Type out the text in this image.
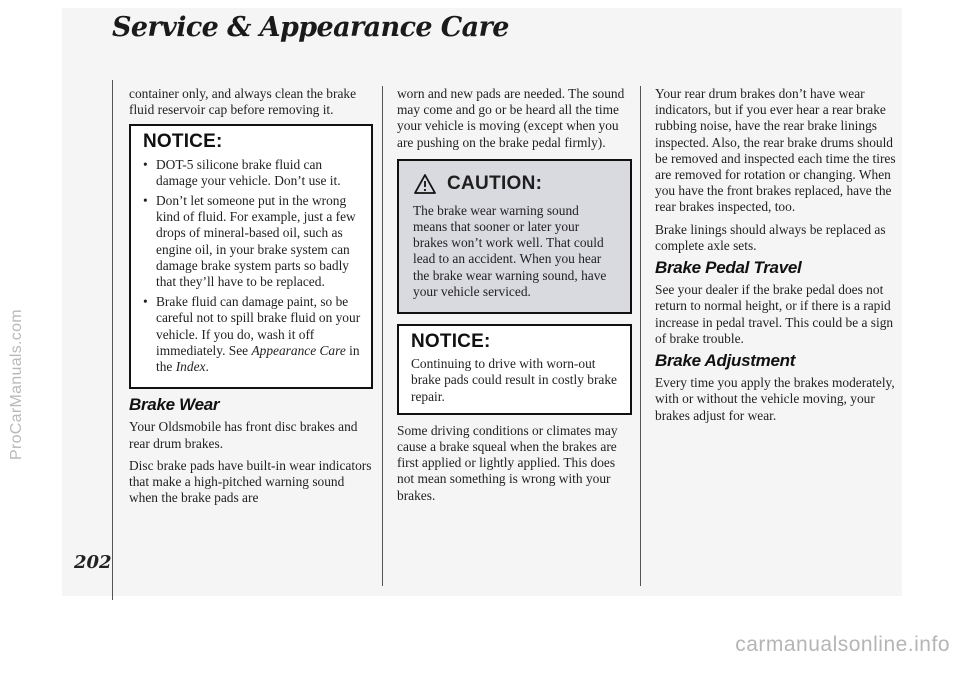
Service & Appearance Care
ProCarManuals.com
202

container only, and always clean the brake fluid reservoir cap before removing it.

NOTICE:
• DOT-5 silicone brake fluid can damage your vehicle. Don’t use it.
• Don’t let someone put in the wrong kind of fluid. For example, just a few drops of mineral-based oil, such as engine oil, in your brake system can damage brake system parts so badly that they’ll have to be replaced.
• Brake fluid can damage paint, so be careful not to spill brake fluid on your vehicle. If you do, wash it off immediately. See Appearance Care in the Index.
Brake Wear

Your Oldsmobile has front disc brakes and rear drum brakes.

Disc brake pads have built-in wear indicators that make a high-pitched warning sound when the brake pads are

worn and new pads are needed. The sound may come and go or be heard all the time your vehicle is moving (except when you are pushing on the brake pedal firmly).

CAUTION:

The brake wear warning sound means that sooner or later your brakes won’t work well. That could lead to an accident. When you hear the brake wear warning sound, have your vehicle serviced.

NOTICE:

Continuing to drive with worn-out brake pads could result in costly brake repair.

Some driving conditions or climates may cause a brake squeal when the brakes are first applied or lightly applied. This does not mean something is wrong with your brakes.

Your rear drum brakes don’t have wear indicators, but if you ever hear a rear brake rubbing noise, have the rear brake linings inspected. Also, the rear brake drums should be removed and inspected each time the tires are removed for rotation or changing. When you have the front brakes replaced, have the rear brakes inspected, too.

Brake linings should always be replaced as complete axle sets.

Brake Pedal Travel

See your dealer if the brake pedal does not return to normal height, or if there is a rapid increase in pedal travel. This could be a sign of brake trouble.

Brake Adjustment

Every time you apply the brakes moderately, with or without the vehicle moving, your brakes adjust for wear.

carmanualsonline.info
